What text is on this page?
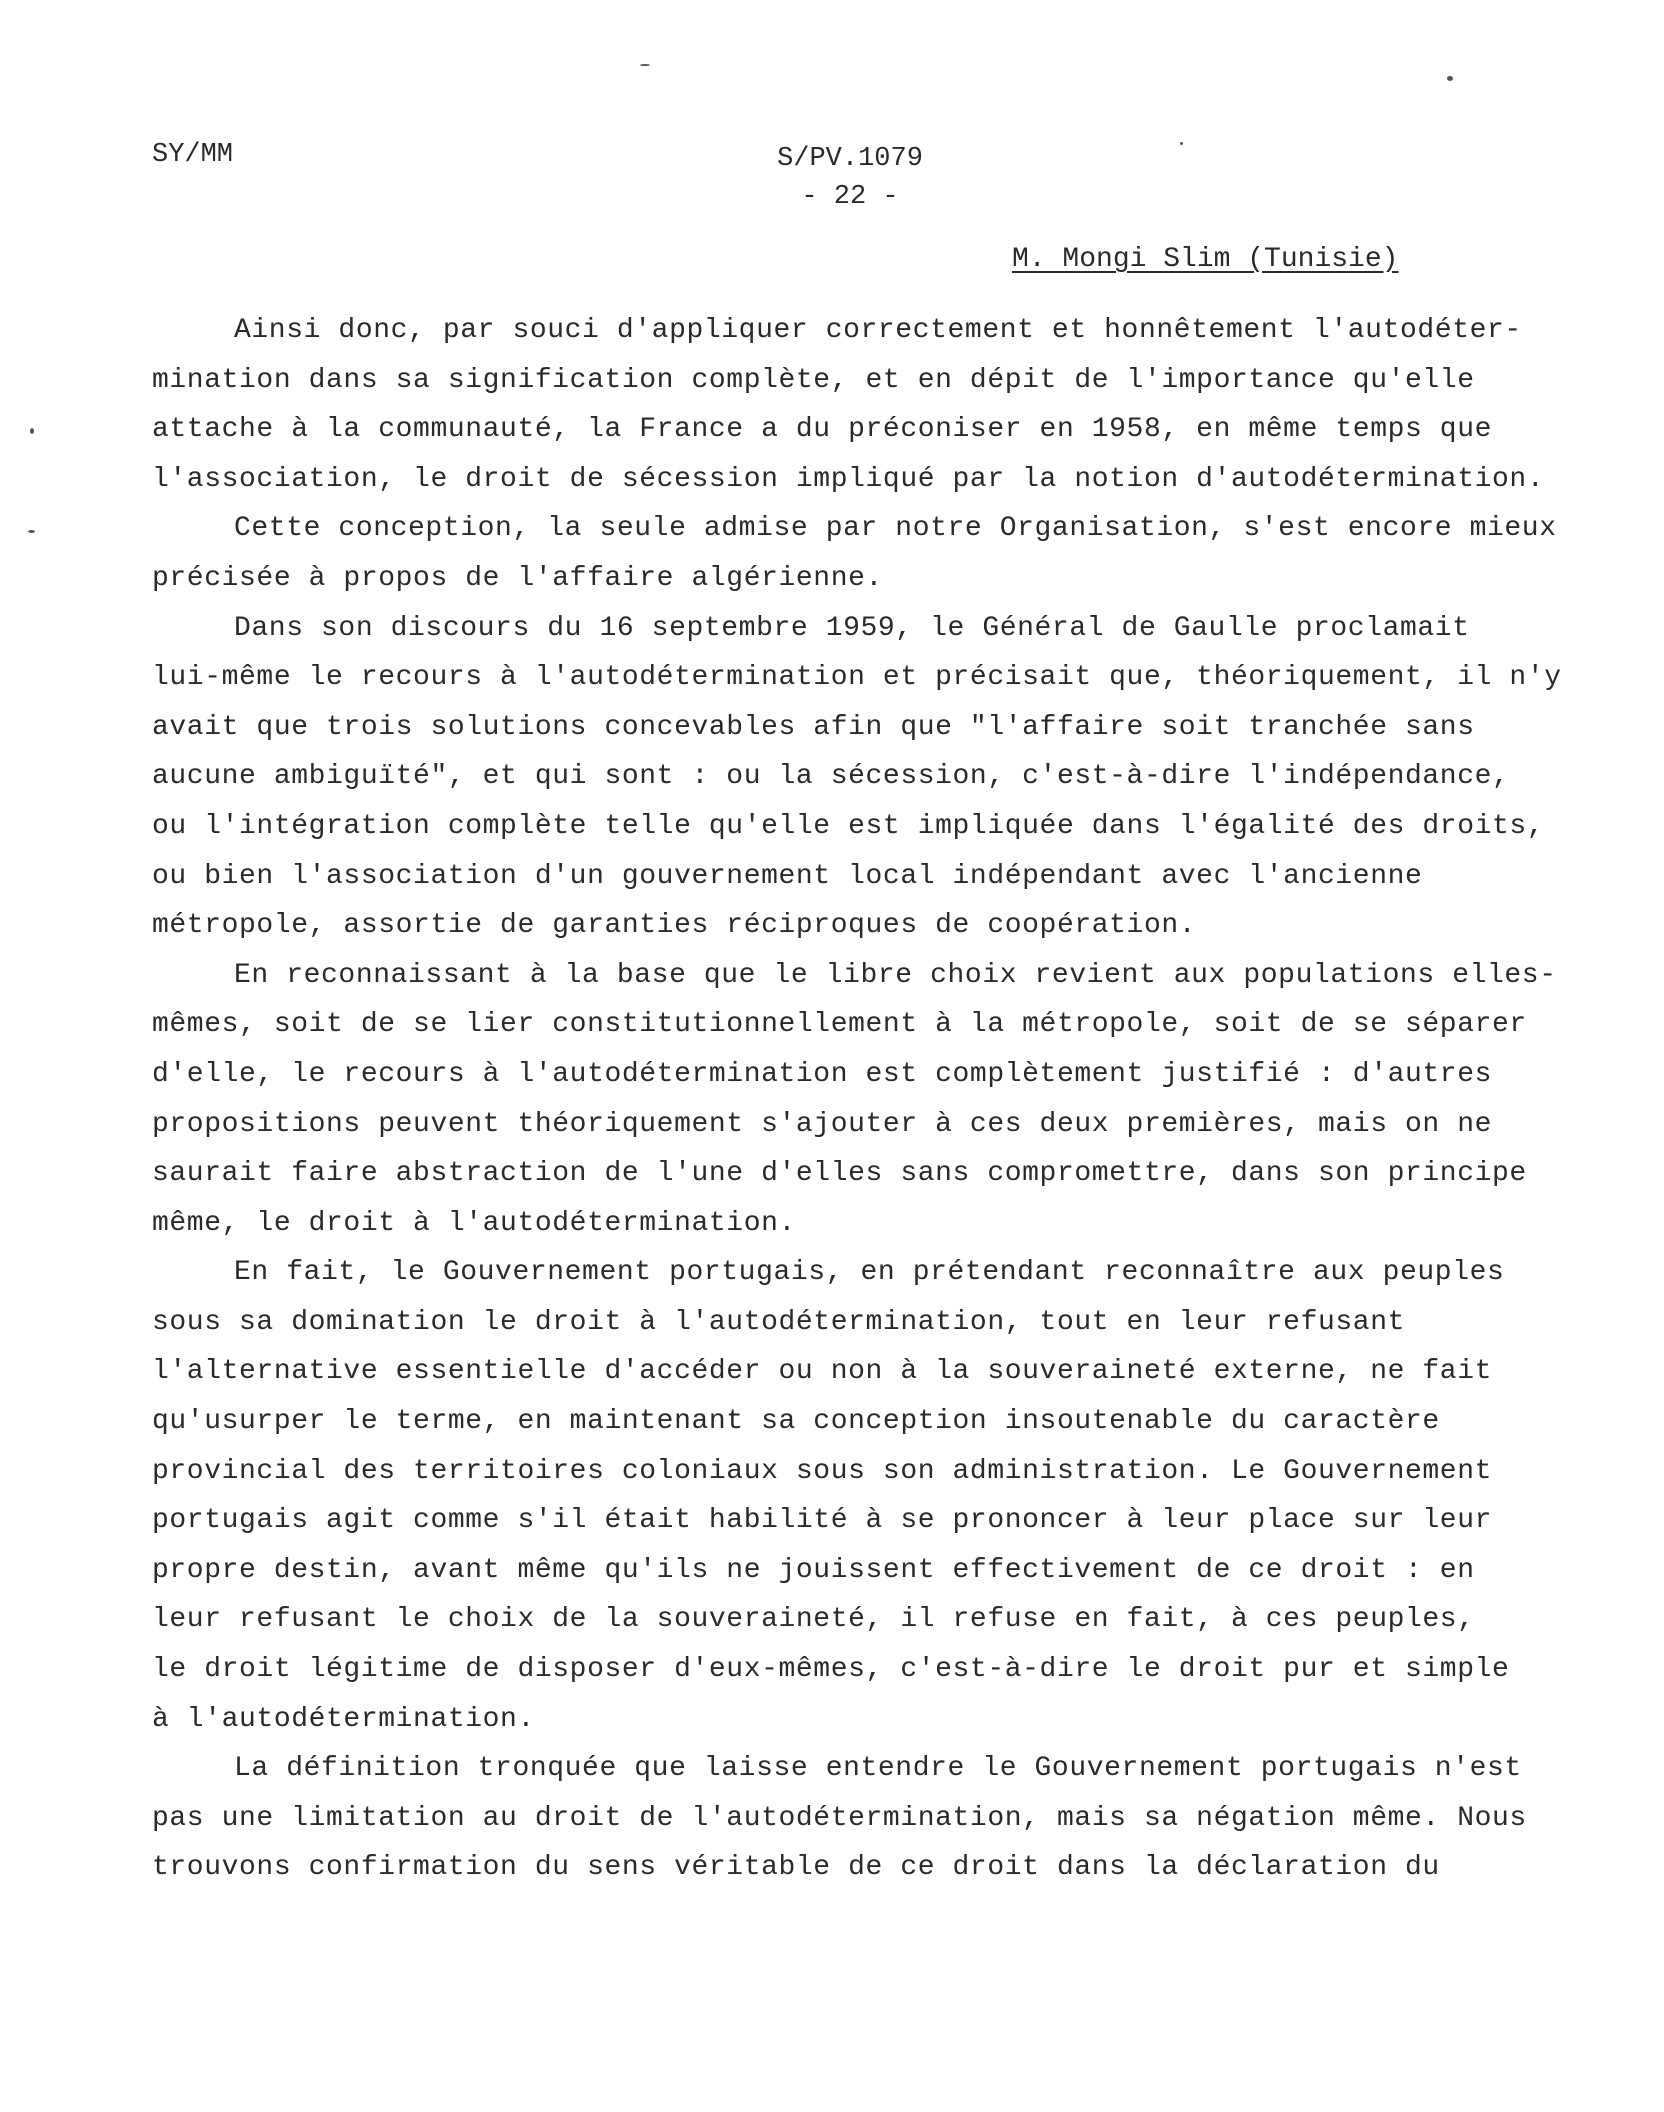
SY/MM	S/PV.1079
- 22 -
M. Mongi Slim (Tunisie)
Ainsi donc, par souci d'appliquer correctement et honnêtement l'autodéter-
mination dans sa signification complète, et en dépit de l'importance qu'elle
attache à la communauté, la France a du préconiser en 1958, en même temps que
l'association, le droit de sécession impliqué par la notion d'autodétermination.
Cette conception, la seule admise par notre Organisation, s'est encore mieux
précisée à propos de l'affaire algérienne.
Dans son discours du 16 septembre 1959, le Général de Gaulle proclamait
lui-même le recours à l'autodétermination et précisait que, théoriquement, il n'y
avait que trois solutions concevables afin que "l'affaire soit tranchée sans
aucune ambiguïté", et qui sont : ou la sécession, c'est-à-dire l'indépendance,
ou l'intégration complète telle qu'elle est impliquée dans l'égalité des droits,
ou bien l'association d'un gouvernement local indépendant avec l'ancienne
métropole, assortie de garanties réciproques de coopération.
En reconnaissant à la base que le libre choix revient aux populations elles-
mêmes, soit de se lier constitutionnellement à la métropole, soit de se séparer
d'elle, le recours à l'autodétermination est complètement justifié : d'autres
propositions peuvent théoriquement s'ajouter à ces deux premières, mais on ne
saurait faire abstraction de l'une d'elles sans compromettre, dans son principe
même, le droit à l'autodétermination.
En fait, le Gouvernement portugais, en prétendant reconnaître aux peuples
sous sa domination le droit à l'autodétermination, tout en leur refusant
l'alternative essentielle d'accéder ou non à la souveraineté externe, ne fait
qu'usurper le terme, en maintenant sa conception insoutenable du caractère
provincial des territoires coloniaux sous son administration. Le Gouvernement
portugais agit comme s'il était habilité à se prononcer à leur place sur leur
propre destin, avant même qu'ils ne jouissent effectivement de ce droit : en
leur refusant le choix de la souveraineté, il refuse en fait, à ces peuples,
le droit légitime de disposer d'eux-mêmes, c'est-à-dire le droit pur et simple
à l'autodétermination.
La définition tronquée que laisse entendre le Gouvernement portugais n'est
pas une limitation au droit de l'autodétermination, mais sa négation même. Nous
trouvons confirmation du sens véritable de ce droit dans la déclaration du
